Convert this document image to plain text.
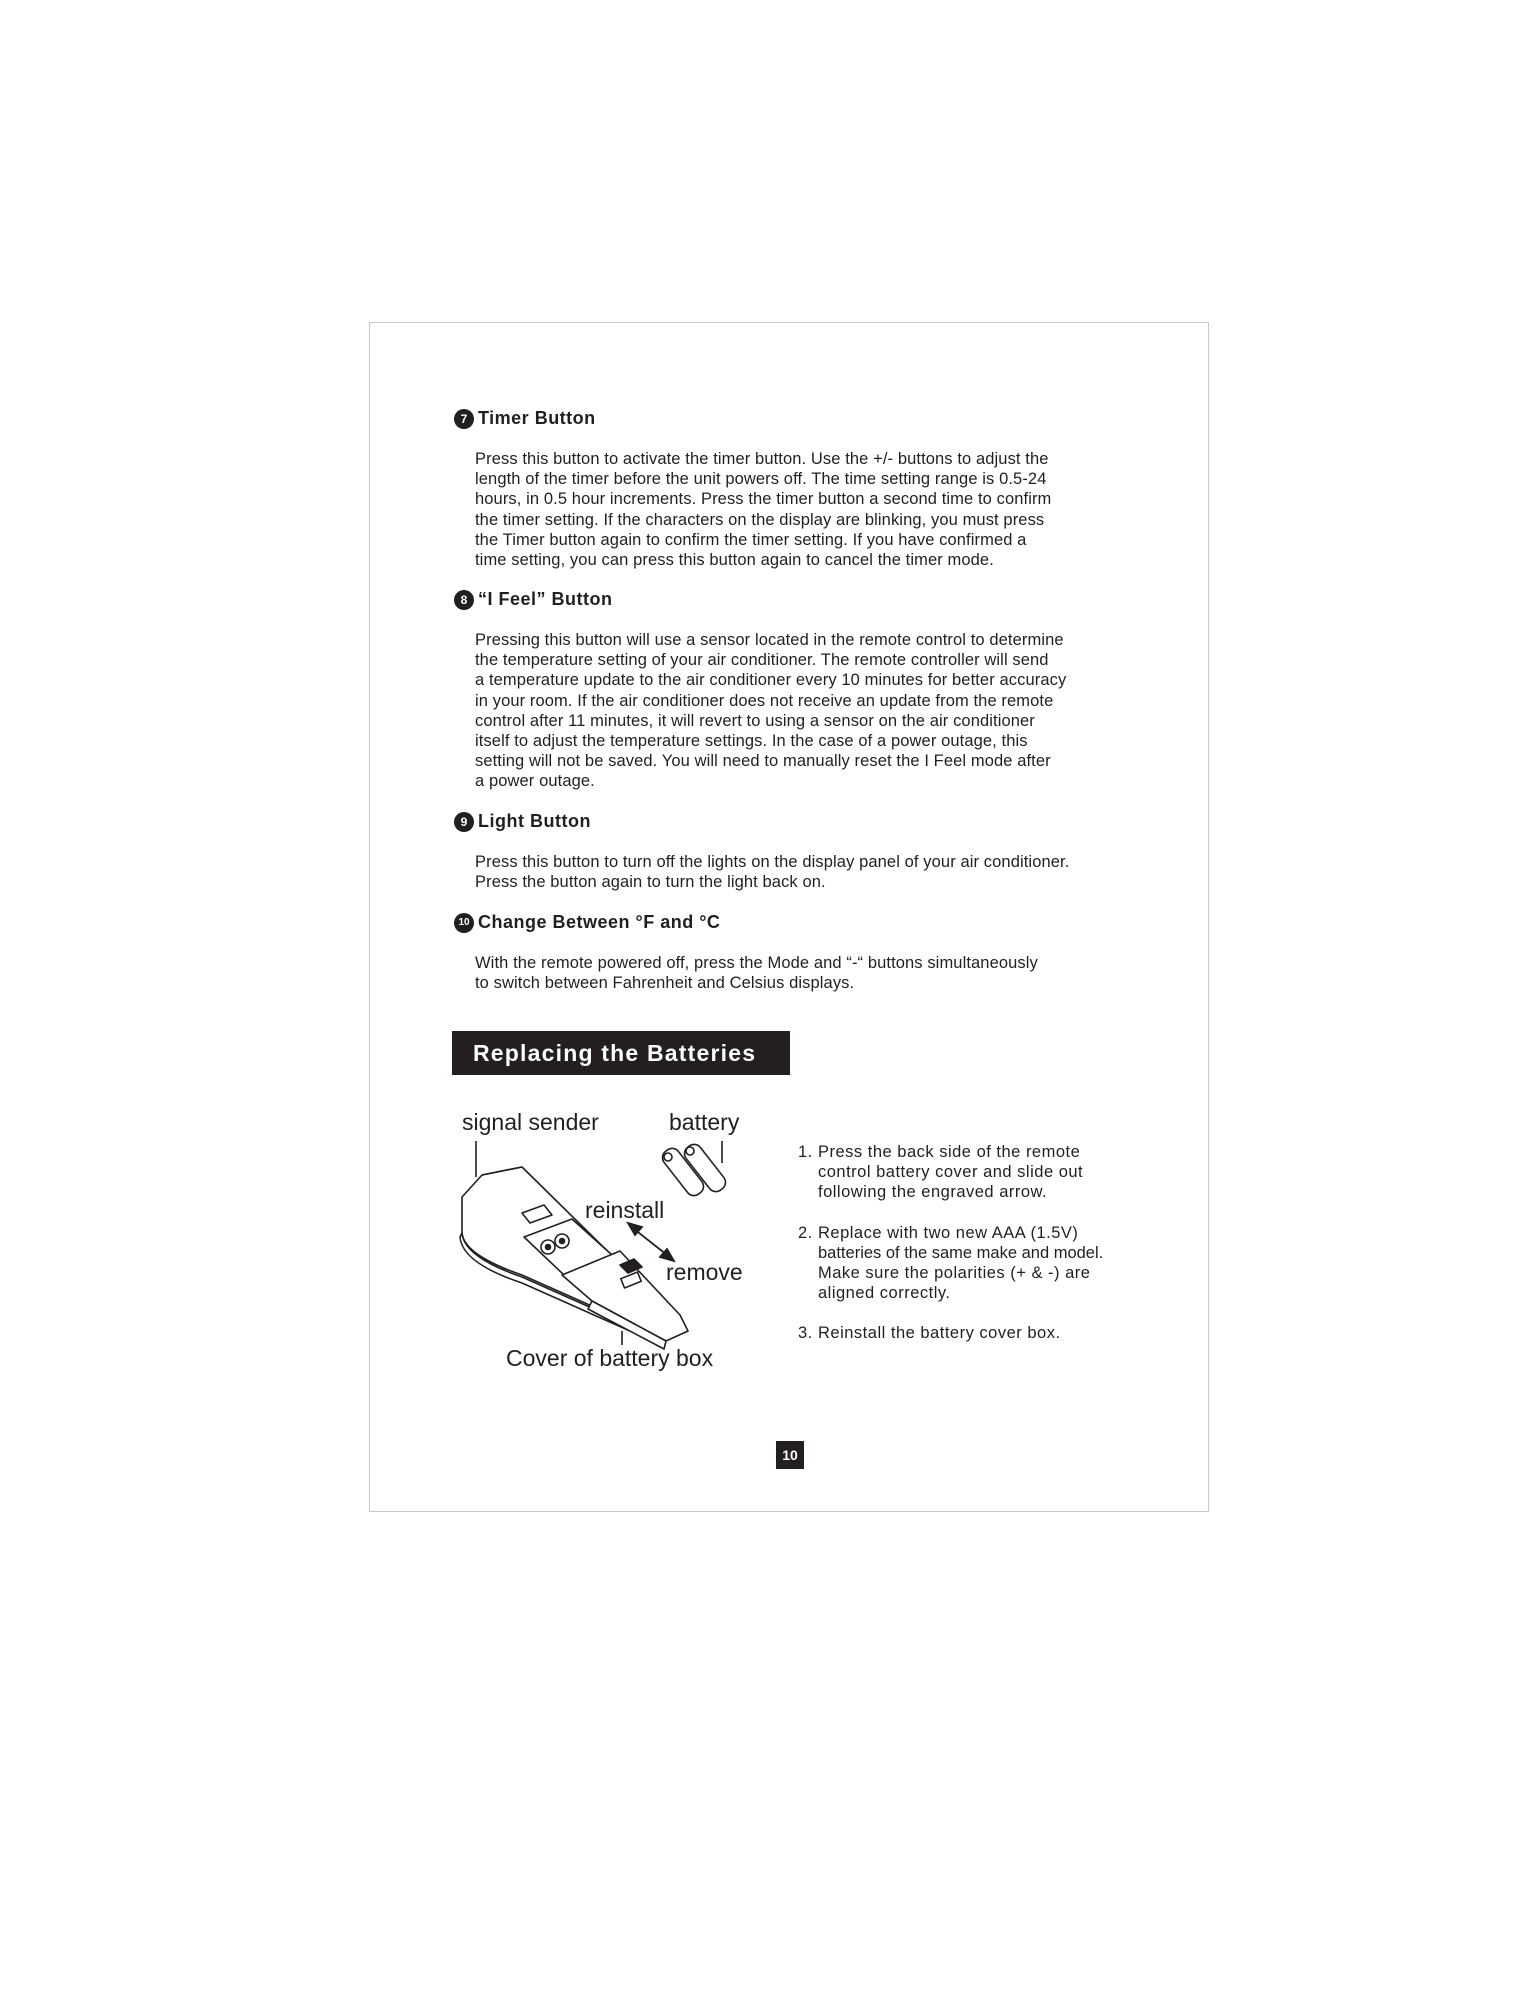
7 Timer Button
Press this button to activate the timer button. Use the +/- buttons to adjust the
length of the timer before the unit powers off. The time setting range is 0.5-24
hours, in 0.5 hour increments. Press the timer button a second time to confirm
the timer setting. If the characters on the display are blinking, you must press
the Timer button again to confirm the timer setting. If you have confirmed a
time setting, you can press this button again to cancel the timer mode.
8 “I Feel” Button
Pressing this button will use a sensor located in the remote control to determine
the temperature setting of your air conditioner. The remote controller will send
a temperature update to the air conditioner every 10 minutes for better accuracy
in your room. If the air conditioner does not receive an update from the remote
control after 11 minutes, it will revert to using a sensor on the air conditioner
itself to adjust the temperature settings. In the case of a power outage, this
setting will not be saved. You will need to manually reset the I Feel mode after
a power outage.
9 Light Button
Press this button to turn off the lights on the display panel of your air conditioner.
Press the button again to turn the light back on.
10 Change Between °F and °C
With the remote powered off, press the Mode and “-“ buttons simultaneously
to switch between Fahrenheit and Celsius displays.
Replacing the Batteries
signal sender	battery
reinstall
remove
Cover of battery box
1. Press the back side of the remote
control battery cover and slide out
following the engraved arrow.
2. Replace with two new AAA (1.5V)
batteries of the same make and model.
Make sure the polarities (+ & -) are
aligned correctly.
3. Reinstall the battery cover box.
10
